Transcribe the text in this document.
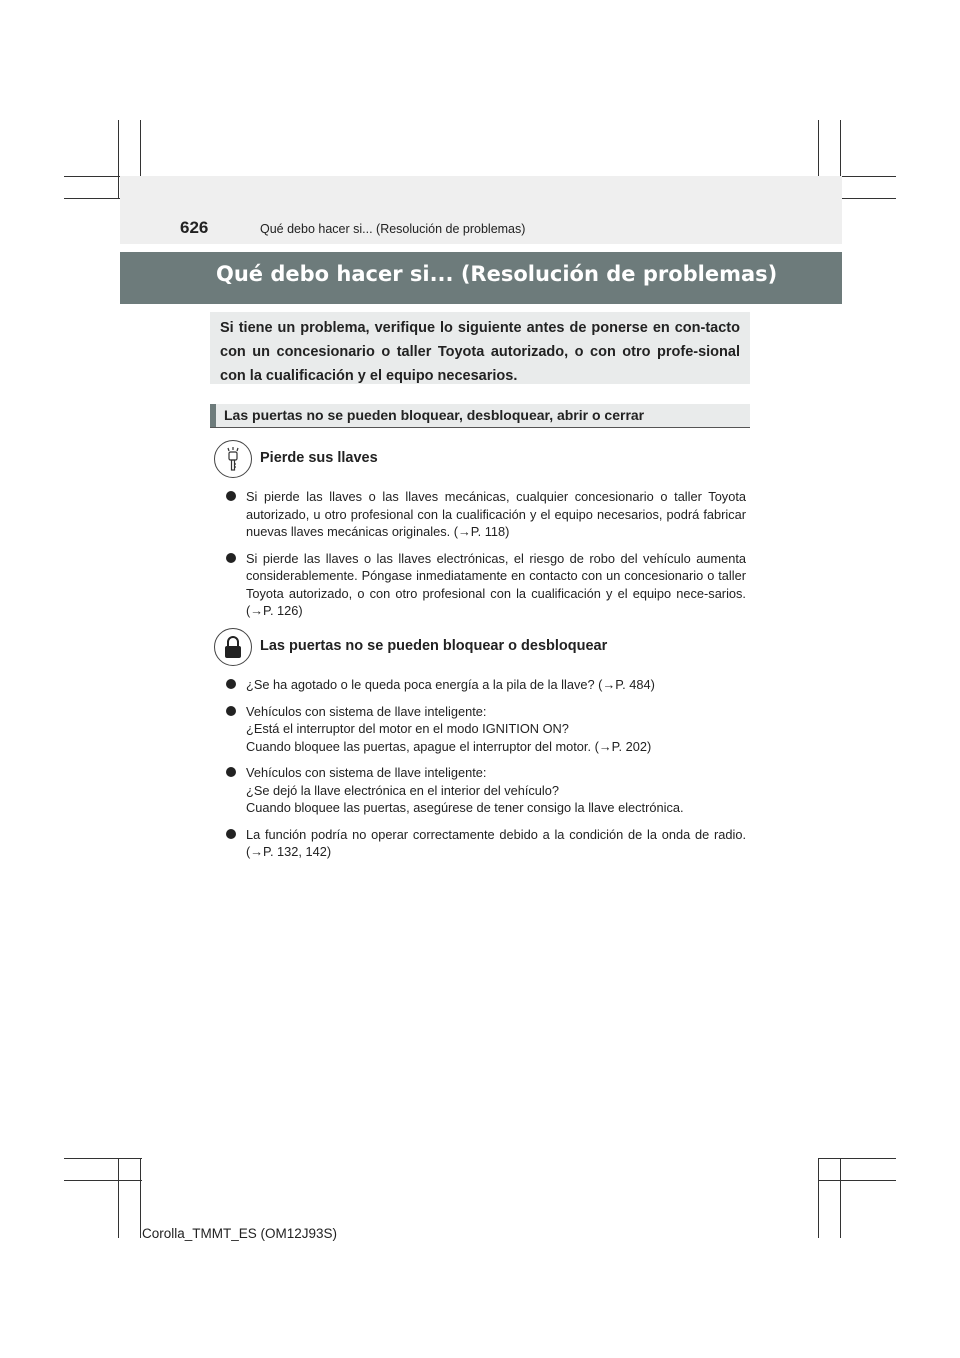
626	Qué debo hacer si... (Resolución de problemas)
Qué debo hacer si... (Resolución de problemas)

Si tiene un problema, verifique lo siguiente antes de ponerse en con-tacto con un concesionario o taller Toyota autorizado, o con otro profe-sional con la cualificación y el equipo necesarios.

Las puertas no se pueden bloquear, desbloquear, abrir o cerrar
Pierde sus llaves
Si pierde las llaves o las llaves mecánicas, cualquier concesionario o taller Toyota autorizado, u otro profesional con la cualificación y el equipo necesarios, podrá fabricar nuevas llaves mecánicas originales. (→P. 118)
Si pierde las llaves o las llaves electrónicas, el riesgo de robo del vehículo aumenta considerablemente. Póngase inmediatamente en contacto con un concesionario o taller Toyota autorizado, o con otro profesional con la cualificación y el equipo nece-sarios. (→P. 126)
Las puertas no se pueden bloquear o desbloquear
¿Se ha agotado o le queda poca energía a la pila de la llave? (→P. 484)
Vehículos con sistema de llave inteligente:
¿Está el interruptor del motor en el modo IGNITION ON?
Cuando bloquee las puertas, apague el interruptor del motor. (→P. 202)
Vehículos con sistema de llave inteligente:
¿Se dejó la llave electrónica en el interior del vehículo?
Cuando bloquee las puertas, asegúrese de tener consigo la llave electrónica.
La función podría no operar correctamente debido a la condición de la onda de radio. (→P. 132, 142)
Corolla_TMMT_ES (OM12J93S)
